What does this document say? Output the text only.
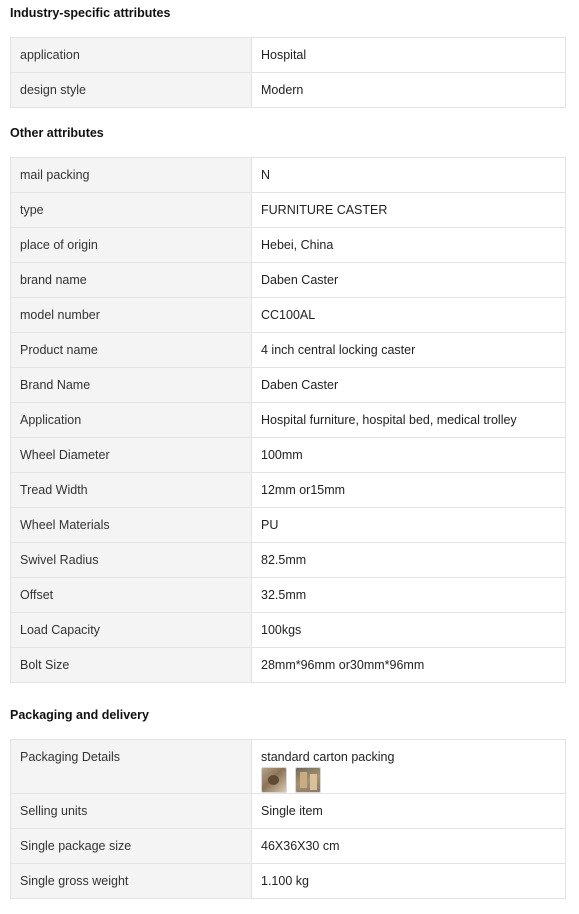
Industry-specific attributes
application	Hospital
design style	Modern
Other attributes
mail packing	N
type	FURNITURE CASTER
place of origin	Hebei, China
brand name	Daben Caster
model number	CC100AL
Product name	4 inch central locking caster
Brand Name	Daben Caster
Application	Hospital furniture, hospital bed, medical trolley
Wheel Diameter	100mm
Tread Width	12mm or15mm
Wheel Materials	PU
Swivel Radius	82.5mm
Offset	32.5mm
Load Capacity	100kgs
Bolt Size	28mm*96mm or30mm*96mm
Packaging and delivery
Packaging Details	standard carton packing

Selling units	Single item
Single package size	46X36X30 cm
Single gross weight	1.100 kg
